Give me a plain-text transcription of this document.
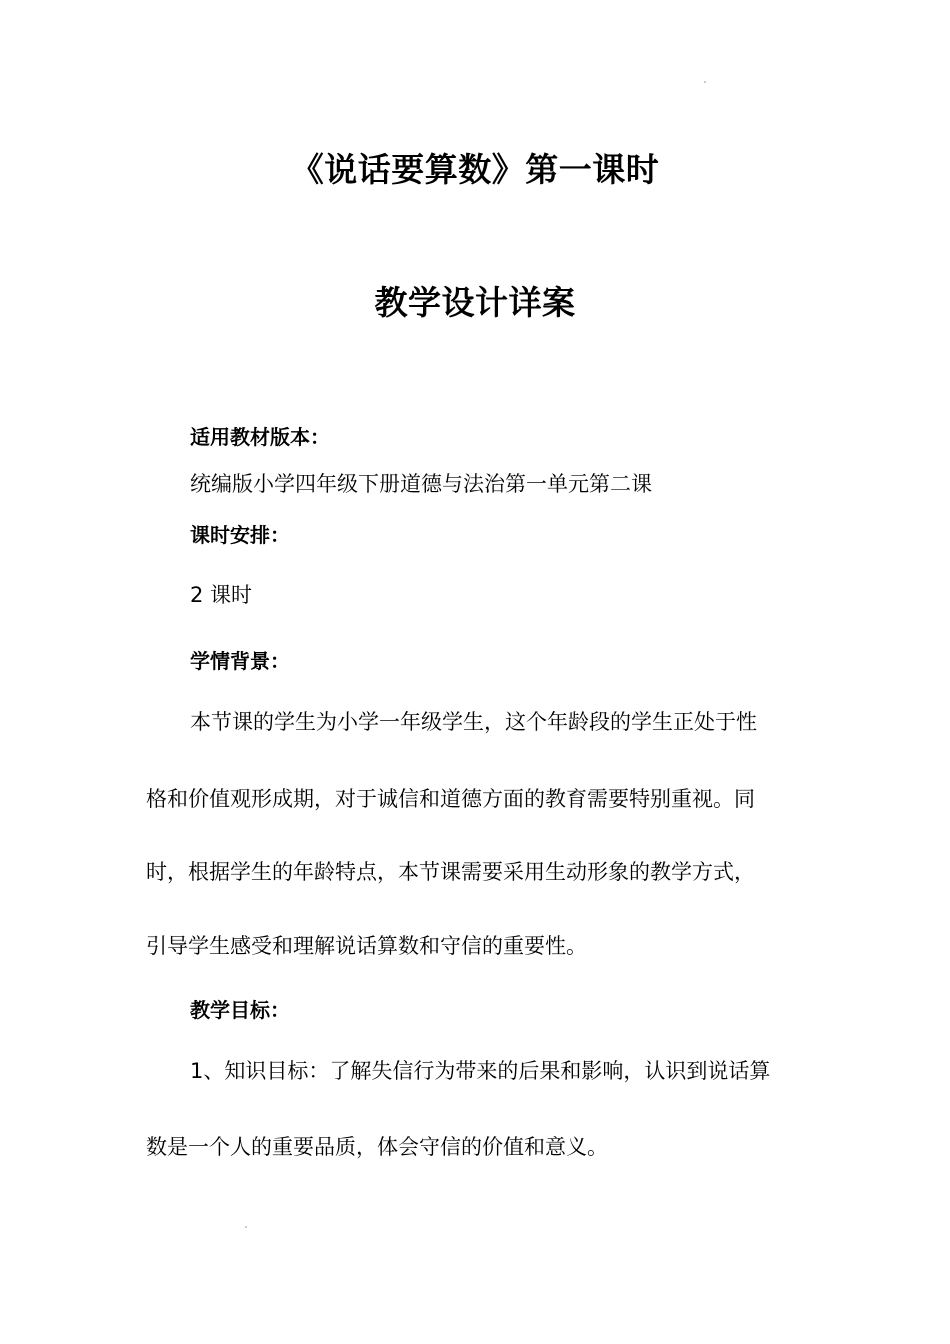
《说话要算数》第一课时
教学设计详案
适用教材版本：
统编版小学四年级下册道德与法治第一单元第二课
课时安排：
2 课时
学情背景：
本节课的学生为小学一年级学生，这个年龄段的学生正处于性
格和价值观形成期，对于诚信和道德方面的教育需要特别重视。同
时，根据学生的年龄特点，本节课需要采用生动形象的教学方式，
引导学生感受和理解说话算数和守信的重要性。
教学目标：
1、知识目标：了解失信行为带来的后果和影响，认识到说话算
数是一个人的重要品质，体会守信的价值和意义。
